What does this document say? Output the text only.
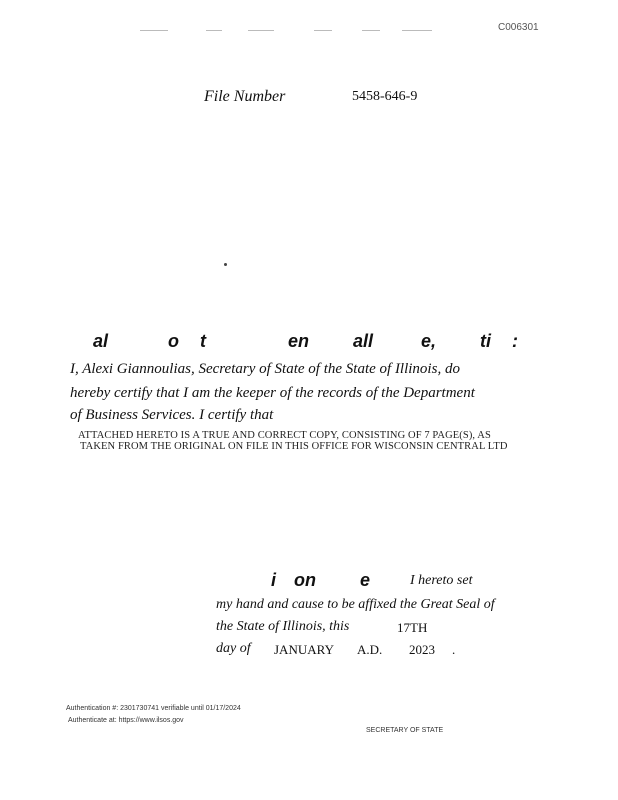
C006301
File Number	5458-646-9
al	o t	en all	e, ti :
I, Alexi Giannoulias, Secretary of State of the State of Illinois, do
hereby certify that I am the keeper of the records of the Department
of Business Services. I certify that
ATTACHED HERETO IS A TRUE AND CORRECT COPY, CONSISTING OF 7 PAGE(S), AS
TAKEN FROM THE ORIGINAL ON FILE IN THIS OFFICE FOR WISCONSIN CENTRAL LTD
i on e	I hereto set
my hand and cause to be affixed the Great Seal of
the State of Illinois, this	17TH
day of JANUARY A.D. 2023 .
Authentication #: 2301730741 verifiable until 01/17/2024
Authenticate at: https://www.ilsos.gov
SECRETARY OF STATE
